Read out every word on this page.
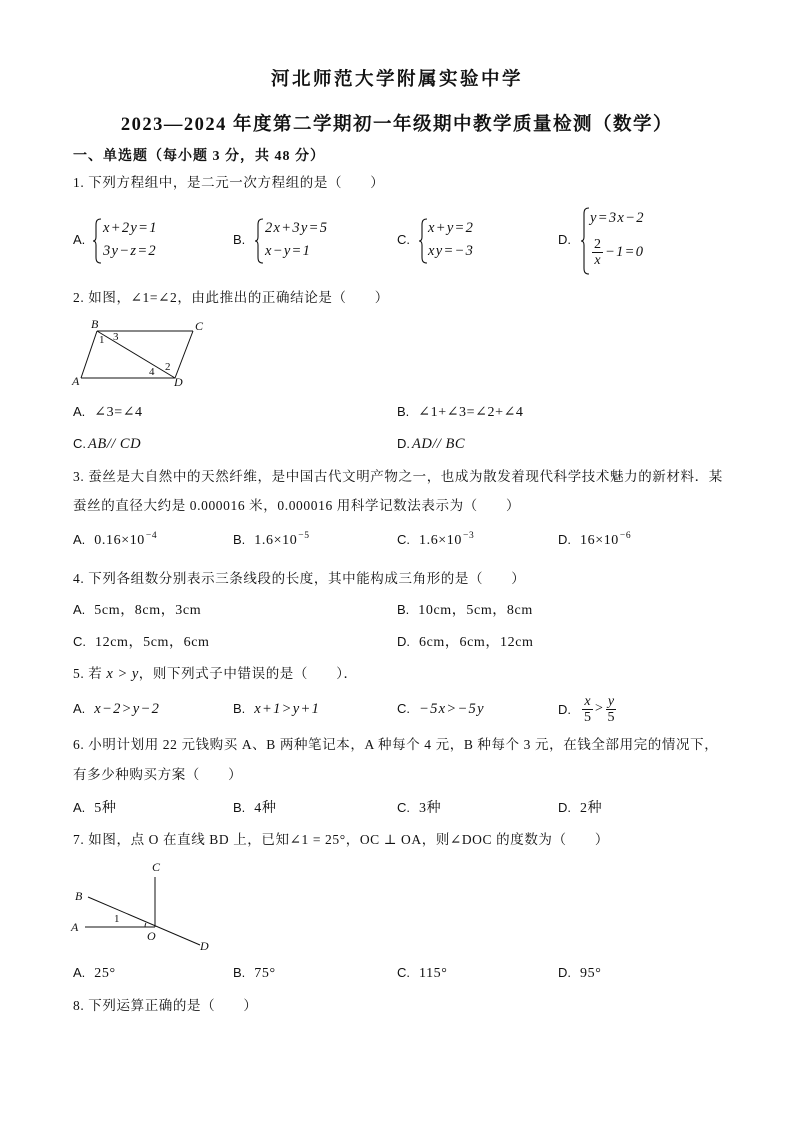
河北师范大学附属实验中学
2023—2024 年度第二学期初一年级期中教学质量检测（数学）
一、单选题（每小题 3 分，共 48 分）
1. 下列方程组中，是二元一次方程组的是（　　）
A.
x+2y=1
3y−z=2
B.
2x+3y=5
x−y=1
C.
x+y=2
xy=−3
D.
y=3x−2
$\frac{2}{x} -1=0$
2. 如图，∠1=∠2，由此推出的正确结论是（　　）
B	C
A	D
1 3
4 2
A. ∠3=∠4	B. ∠1+∠3=∠2+∠4
C. AB// CD	D. AD// BC
3. 蚕丝是大自然中的天然纤维，是中国古代文明产物之一，也成为散发着现代科学技术魅力的新材料．某
蚕丝的直径大约是 0.000016 米，0.000016 用科学记数法表示为（　　）
A. $0.16\times 10^{-4}$	B. $1.6\times 10^{-5}$	C. $1.6\times 10^{-3}$	D. $16\times 10^{-6}$
4. 下列各组数分别表示三条线段的长度，其中能构成三角形的是（　　）
A. 5cm，8cm，3cm	B. 10cm，5cm，8cm
C. 12cm，5cm，6cm	D. 6cm，6cm，12cm
5. 若 x > y，则下列式子中错误的是（　　）．
A. x−2>y−2	B. x+1>y+1	C. −5x>−5y	D. $\frac{x}{5} > \frac{y}{5}$
6. 小明计划用 22 元钱购买 A、B 两种笔记本，A 种每个 4 元，B 种每个 3 元，在钱全部用完的情况下，
有多少种购买方案（　　）
A. 5种	B. 4种	C. 3种	D. 2种
7. 如图，点 O 在直线 BD 上，已知∠1 = 25°，OC ⊥ OA，则∠DOC 的度数为（　　）
C
B
A
O
D
1
A. 25°	B. 75°	C. 115°	D. 95°
8. 下列运算正确的是（　　）
